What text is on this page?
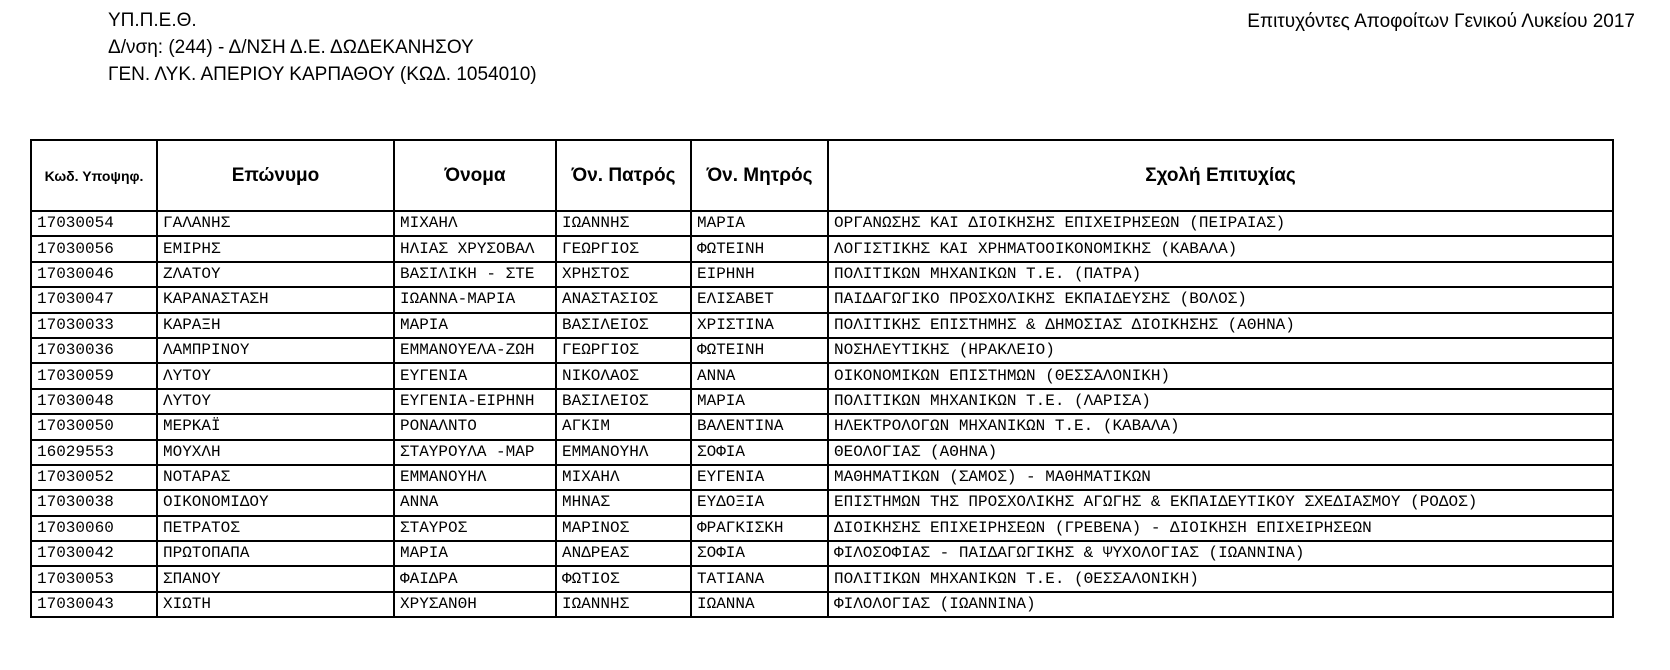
ΥΠ.Π.Ε.Θ.
Δ/νση: (244) - Δ/ΝΣΗ Δ.Ε. ΔΩΔΕΚΑΝΗΣΟΥ
ΓΕΝ. ΛΥΚ. ΑΠΕΡΙΟΥ ΚΑΡΠΑΘΟΥ (ΚΩΔ. 1054010)
Επιτυχόντες Αποφοίτων Γενικού Λυκείου 2017
Κωδ. Υποψηφ.	Επώνυμο	Όνομα	Όν. Πατρός	Όν. Μητρός	Σχολή Επιτυχίας
17030054	ΓΑΛΑΝΗΣ	ΜΙΧΑΗΛ	ΙΩΑΝΝΗΣ	ΜΑΡΙΑ	ΟΡΓΑΝΩΣΗΣ ΚΑΙ ΔΙΟΙΚΗΣΗΣ ΕΠΙΧΕΙΡΗΣΕΩΝ (ΠΕΙΡΑΙΑΣ)
17030056	ΕΜΙΡΗΣ	ΗΛΙΑΣ ΧΡΥΣΟΒΑΛ	ΓΕΩΡΓΙΟΣ	ΦΩΤΕΙΝΗ	ΛΟΓΙΣΤΙΚΗΣ ΚΑΙ ΧΡΗΜΑΤΟΟΙΚΟΝΟΜΙΚΗΣ (ΚΑΒΑΛΑ)
17030046	ΖΛΑΤΟΥ	ΒΑΣΙΛΙΚΗ - ΣΤΕ	ΧΡΗΣΤΟΣ	ΕΙΡΗΝΗ	ΠΟΛΙΤΙΚΩΝ ΜΗΧΑΝΙΚΩΝ Τ.Ε. (ΠΑΤΡΑ)
17030047	ΚΑΡΑΝΑΣΤΑΣΗ	ΙΩΑΝΝΑ-ΜΑΡΙΑ	ΑΝΑΣΤΑΣΙΟΣ	ΕΛΙΣΑΒΕΤ	ΠΑΙΔΑΓΩΓΙΚΟ ΠΡΟΣΧΟΛΙΚΗΣ ΕΚΠΑΙΔΕΥΣΗΣ (ΒΟΛΟΣ)
17030033	ΚΑΡΑΞΗ	ΜΑΡΙΑ	ΒΑΣΙΛΕΙΟΣ	ΧΡΙΣΤΙΝΑ	ΠΟΛΙΤΙΚΗΣ ΕΠΙΣΤΗΜΗΣ & ΔΗΜΟΣΙΑΣ ΔΙΟΙΚΗΣΗΣ (ΑΘΗΝΑ)
17030036	ΛΑΜΠΡΙΝΟΥ	ΕΜΜΑΝΟΥΕΛΑ-ΖΩΗ	ΓΕΩΡΓΙΟΣ	ΦΩΤΕΙΝΗ	ΝΟΣΗΛΕΥΤΙΚΗΣ (ΗΡΑΚΛΕΙΟ)
17030059	ΛΥΤΟΥ	ΕΥΓΕΝΙΑ	ΝΙΚΟΛΑΟΣ	ΑΝΝΑ	ΟΙΚΟΝΟΜΙΚΩΝ ΕΠΙΣΤΗΜΩΝ (ΘΕΣΣΑΛΟΝΙΚΗ)
17030048	ΛΥΤΟΥ	ΕΥΓΕΝΙΑ-ΕΙΡΗΝΗ	ΒΑΣΙΛΕΙΟΣ	ΜΑΡΙΑ	ΠΟΛΙΤΙΚΩΝ ΜΗΧΑΝΙΚΩΝ Τ.Ε. (ΛΑΡΙΣΑ)
17030050	ΜΕΡΚΑΪ	ΡΟΝΑΛΝΤΟ	ΑΓΚΙΜ	ΒΑΛΕΝΤΙΝΑ	ΗΛΕΚΤΡΟΛΟΓΩΝ ΜΗΧΑΝΙΚΩΝ Τ.Ε. (ΚΑΒΑΛΑ)
16029553	ΜΟΥΧΛΗ	ΣΤΑΥΡΟΥΛΑ -ΜΑΡ	ΕΜΜΑΝΟΥΗΛ	ΣΟΦΙΑ	ΘΕΟΛΟΓΙΑΣ (ΑΘΗΝΑ)
17030052	ΝΟΤΑΡΑΣ	ΕΜΜΑΝΟΥΗΛ	ΜΙΧΑΗΛ	ΕΥΓΕΝΙΑ	ΜΑΘΗΜΑΤΙΚΩΝ (ΣΑΜΟΣ) - ΜΑΘΗΜΑΤΙΚΩΝ
17030038	ΟΙΚΟΝΟΜΙΔΟΥ	ΑΝΝΑ	ΜΗΝΑΣ	ΕΥΔΟΞΙΑ	ΕΠΙΣΤΗΜΩΝ ΤΗΣ ΠΡΟΣΧΟΛΙΚΗΣ ΑΓΩΓΗΣ & ΕΚΠΑΙΔΕΥΤΙΚΟΥ ΣΧΕΔΙΑΣΜΟΥ (ΡΟΔΟΣ)
17030060	ΠΕΤΡΑΤΟΣ	ΣΤΑΥΡΟΣ	ΜΑΡΙΝΟΣ	ΦΡΑΓΚΙΣΚΗ	ΔΙΟΙΚΗΣΗΣ ΕΠΙΧΕΙΡΗΣΕΩΝ (ΓΡΕΒΕΝΑ) - ΔΙΟΙΚΗΣΗ ΕΠΙΧΕΙΡΗΣΕΩΝ
17030042	ΠΡΩΤΟΠΑΠΑ	ΜΑΡΙΑ	ΑΝΔΡΕΑΣ	ΣΟΦΙΑ	ΦΙΛΟΣΟΦΙΑΣ - ΠΑΙΔΑΓΩΓΙΚΗΣ & ΨΥΧΟΛΟΓΙΑΣ (ΙΩΑΝΝΙΝΑ)
17030053	ΣΠΑΝΟΥ	ΦΑΙΔΡΑ	ΦΩΤΙΟΣ	ΤΑΤΙΑΝΑ	ΠΟΛΙΤΙΚΩΝ ΜΗΧΑΝΙΚΩΝ Τ.Ε. (ΘΕΣΣΑΛΟΝΙΚΗ)
17030043	ΧΙΩΤΗ	ΧΡΥΣΑΝΘΗ	ΙΩΑΝΝΗΣ	ΙΩΑΝΝΑ	ΦΙΛΟΛΟΓΙΑΣ (ΙΩΑΝΝΙΝΑ)
